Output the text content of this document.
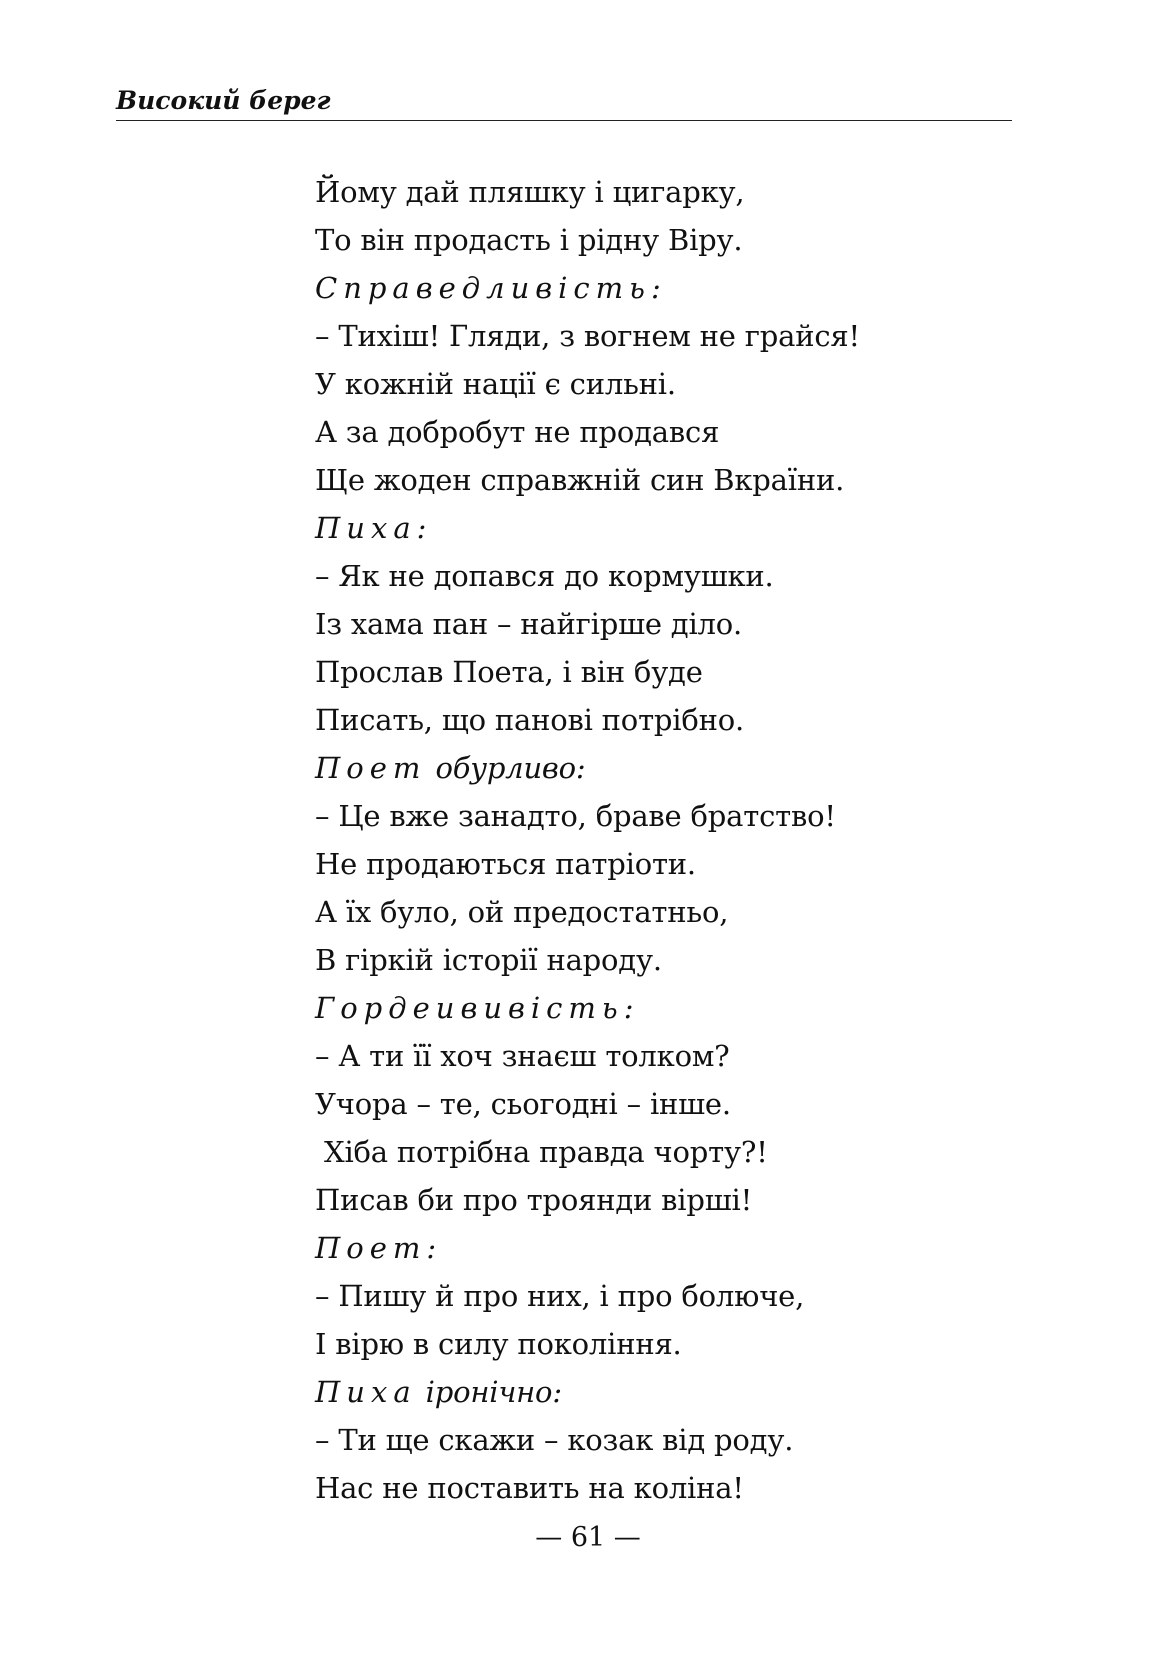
Високий берег
Йому дай пляшку і цигарку,
То він продасть і рідну Віру.
Справедливість:
– Тихіш! Гляди, з вогнем не грайся!
У кожній нації є сильні.
А за добробут не продався
Ще жоден справжній син Вкраїни.
Пиха:
– Як не допався до кормушки.
Із хама пан – найгірше діло.
Прослав Поета, і він буде
Писать, що панові потрібно.
Поет обурливо:
– Це вже занадто, браве братство!
Не продаються патріоти.
А їх було, ой предостатньо,
В гіркій історії народу.
Гордеививість:
– А ти її хоч знаєш толком?
Учора – те, сьогодні – інше.
Хіба потрібна правда чорту?!
Писав би про троянди вірші!
Поет:
– Пишу й про них, і про болюче,
І вірю в силу покоління.
Пиха іронічно:
– Ти ще скажи – козак від роду.
Нас не поставить на коліна!
— 61 —
